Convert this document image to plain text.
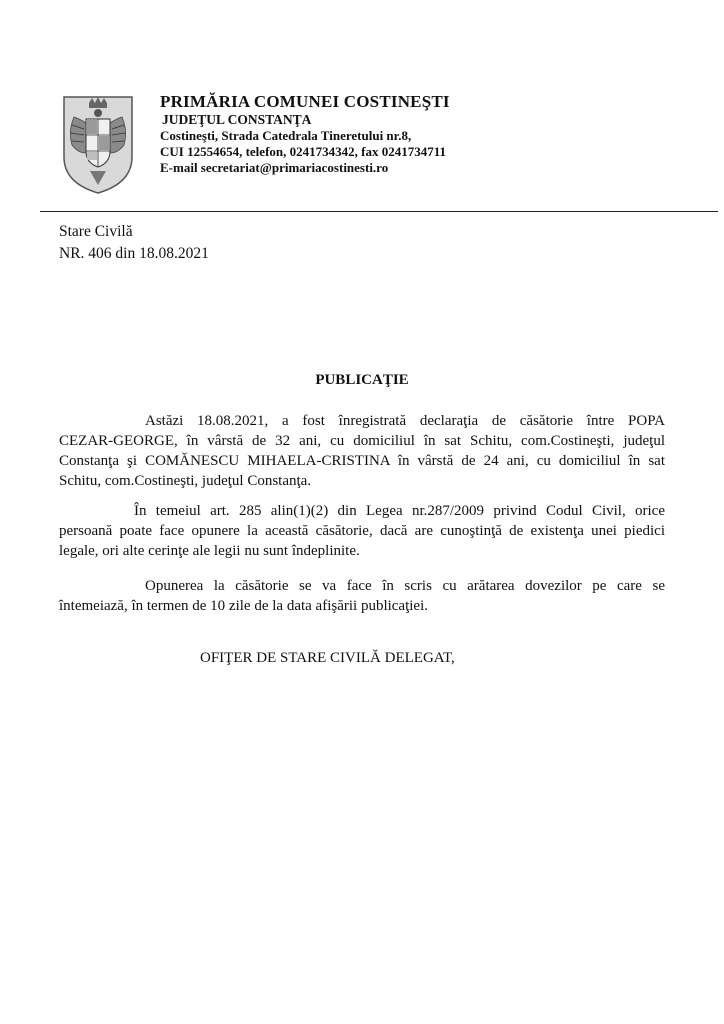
PRIMĂRIA COMUNEI COSTINEŞTI
JUDEŢUL CONSTANŢA
Costineşti, Strada Catedrala Tineretului nr.8,
CUI 12554654, telefon, 0241734342, fax 0241734711
E-mail secretariat@primariacostinesti.ro
Stare Civilă
NR. 406 din 18.08.2021
PUBLICAŢIE
Astăzi 18.08.2021, a fost înregistrată declaraţia de căsătorie între POPA
CEZAR-GEORGE, în vârstă de 32 ani, cu domiciliul în sat Schitu, com.Costineşti, judeţul
Constanţa şi COMĂNESCU MIHAELA-CRISTINA în vârstă de 24 ani, cu domiciliul în sat
Schitu, com.Costineşti, judeţul Constanţa.
În temeiul art. 285 alin(1)(2) din Legea nr.287/2009 privind Codul Civil, orice
persoană poate face opunere la această căsătorie, dacă are cunoştinţă de existenţa unei piedici
legale, ori alte cerinţe ale legii nu sunt îndeplinite.
Opunerea la căsătorie se va face în scris cu arătarea dovezilor pe care se
întemeiază, în termen de 10 zile de la data afişării publicaţiei.
OFIŢER DE STARE CIVILĂ DELEGAT,
